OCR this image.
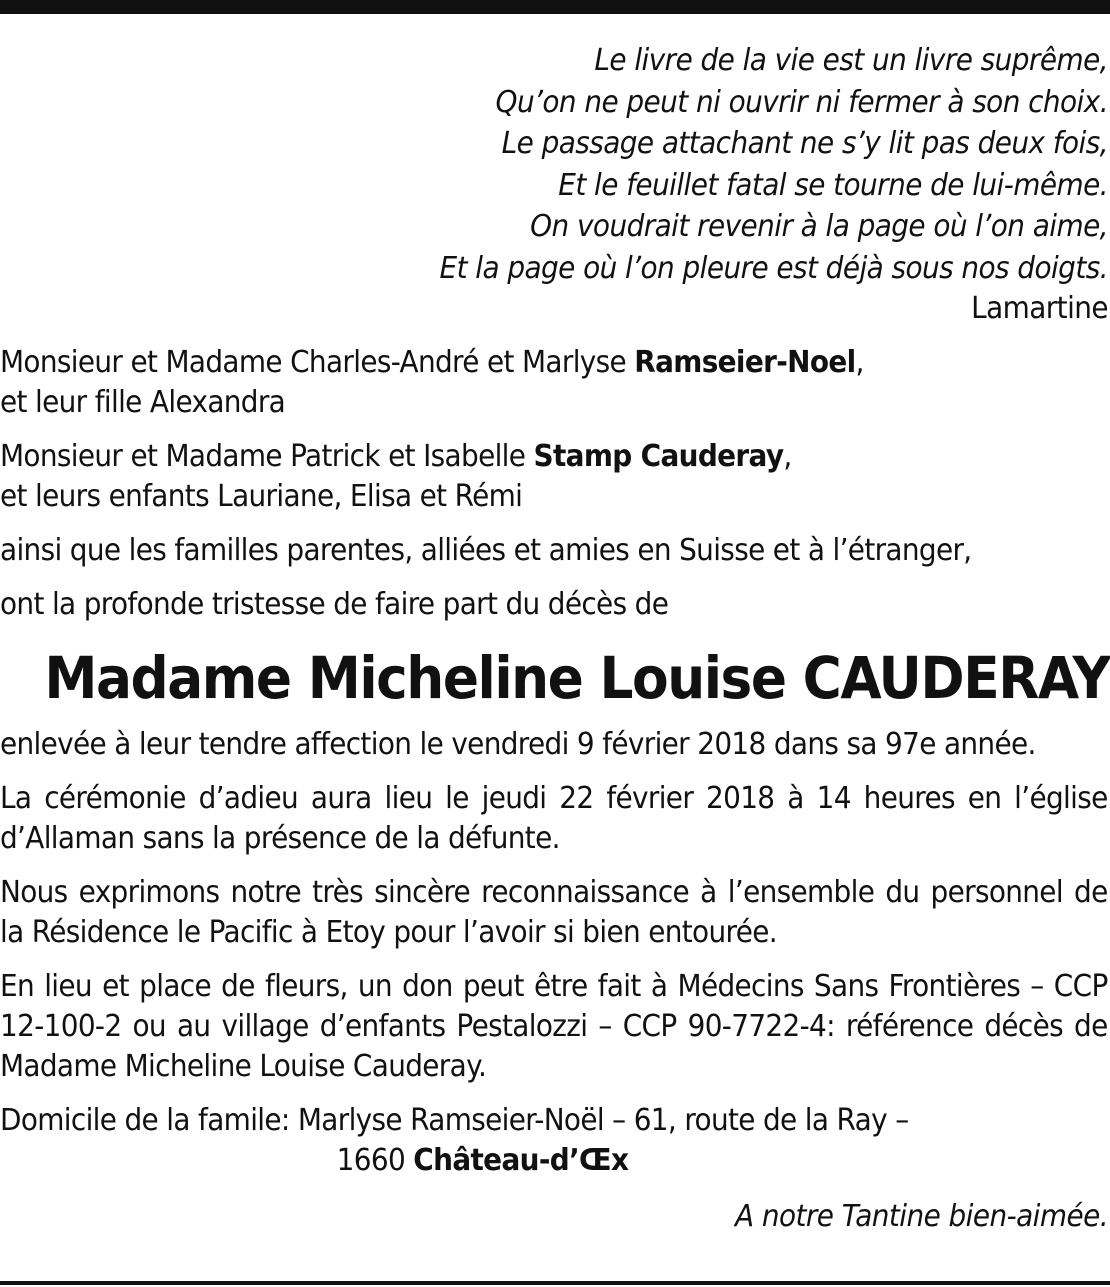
Le livre de la vie est un livre suprême,
Qu’on ne peut ni ouvrir ni fermer à son choix.
Le passage attachant ne s’y lit pas deux fois,
Et le feuillet fatal se tourne de lui-même.
On voudrait revenir à la page où l’on aime,
Et la page où l’on pleure est déjà sous nos doigts.
Lamartine

Monsieur et Madame Charles-André et Marlyse Ramseier-Noel,
et leur fille Alexandra

Monsieur et Madame Patrick et Isabelle Stamp Cauderay,
et leurs enfants Lauriane, Elisa et Rémi

ainsi que les familles parentes, alliées et amies en Suisse et à l’étranger,

ont la profonde tristesse de faire part du décès de

Madame Micheline Louise CAUDERAY

enlevée à leur tendre affection le vendredi 9 février 2018 dans sa 97e année.

La cérémonie d’adieu aura lieu le jeudi 22 février 2018 à 14 heures en l’église d’Allaman sans la présence de la défunte.

Nous exprimons notre très sincère reconnaissance à l’ensemble du personnel de la Résidence le Pacific à Etoy pour l’avoir si bien entourée.

En lieu et place de fleurs, un don peut être fait à Médecins Sans Frontières – CCP 12-100-2 ou au village d’enfants Pestalozzi – CCP 90-7722-4: référence décès de Madame Micheline Louise Cauderay.

Domicile de la famile: Marlyse Ramseier-Noël – 61, route de la Ray –
1660 Château-d’Œx

A notre Tantine bien-aimée.
